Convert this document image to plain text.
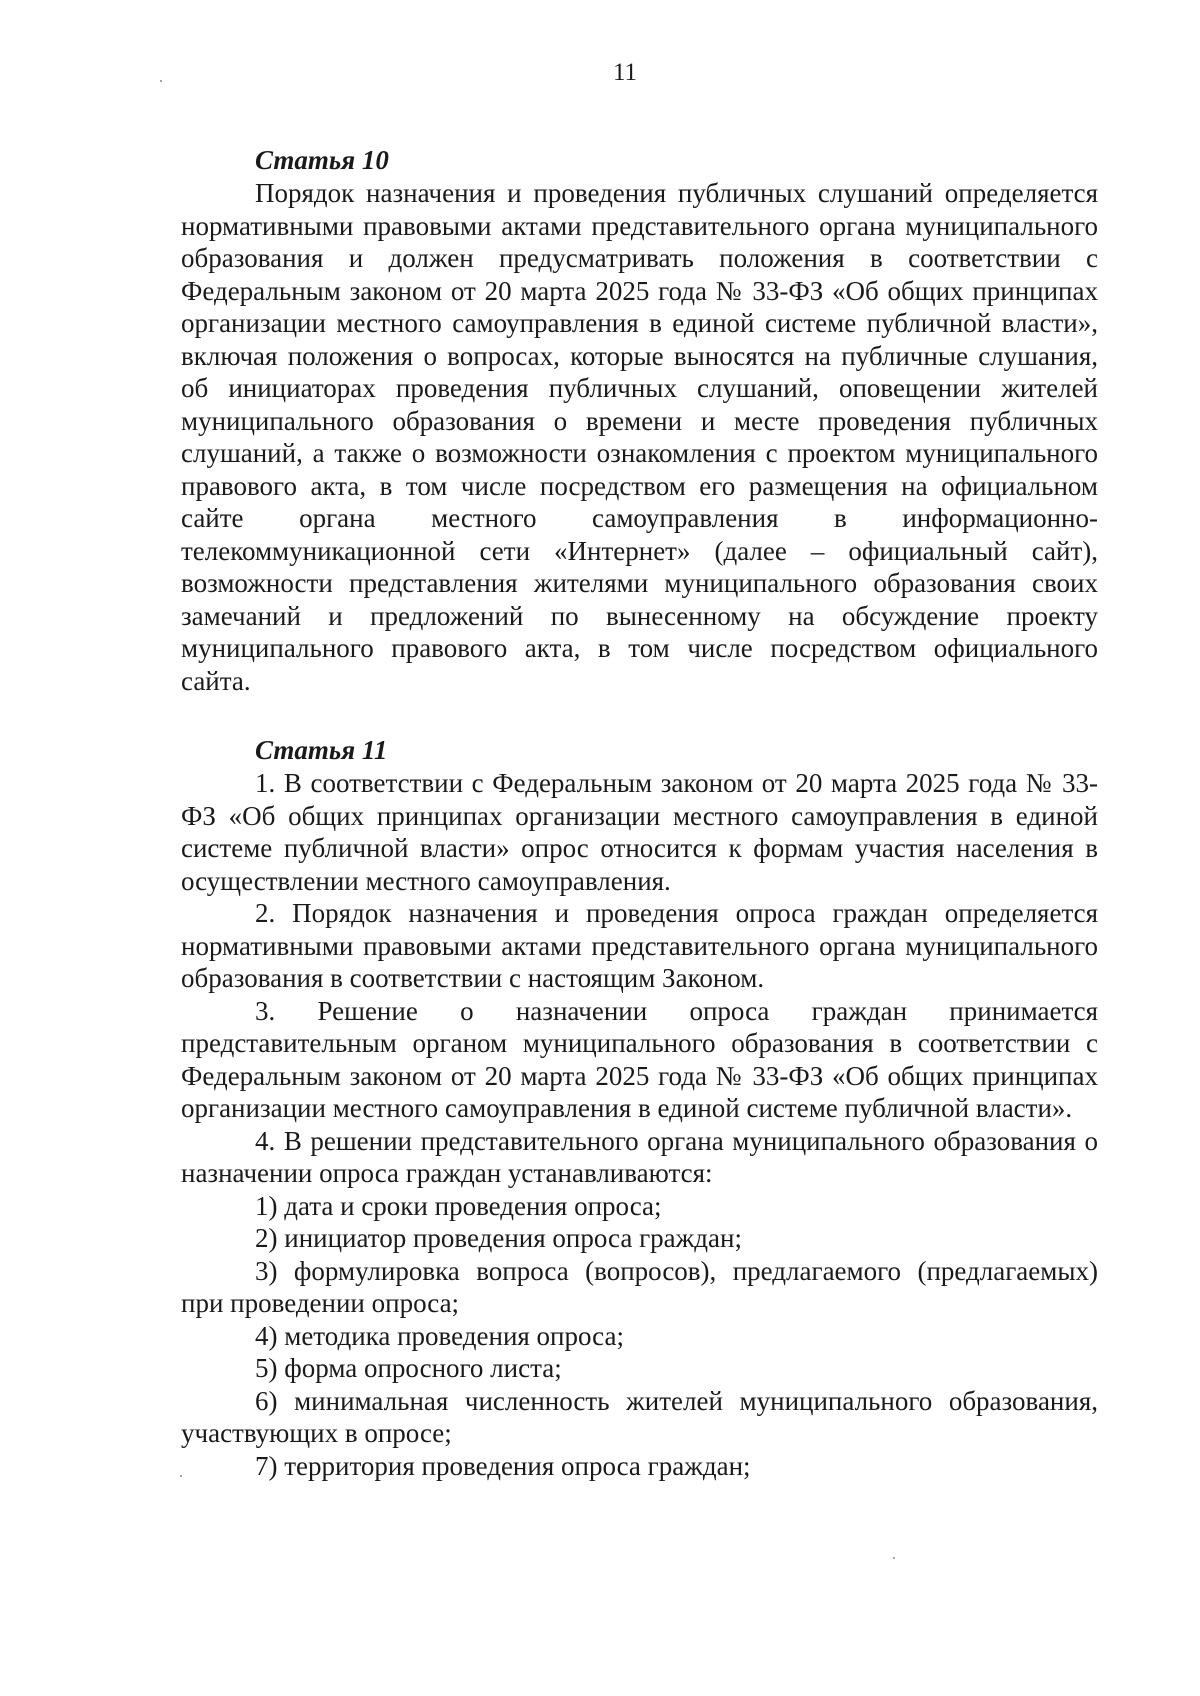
11
Статья 10

Порядок назначения и проведения публичных слушаний определяется нормативными правовыми актами представительного органа муниципального образования и должен предусматривать положения в соответствии с Федеральным законом от 20 марта 2025 года № 33-ФЗ «Об общих принципах организации местного самоуправления в единой системе публичной власти», включая положения о вопросах, которые выносятся на публичные слушания, об инициаторах проведения публичных слушаний, оповещении жителей муниципального образования о времени и месте проведения публичных слушаний, а также о возможности ознакомления с проектом муниципального правового акта, в том числе посредством его размещения на официальном сайте органа местного самоуправления в информационно-телекоммуникационной сети «Интернет» (далее – официальный сайт), возможности представления жителями муниципального образования своих замечаний и предложений по вынесенному на обсуждение проекту муниципального правового акта, в том числе посредством официального сайта.

Статья 11

1. В соответствии с Федеральным законом от 20 марта 2025 года № 33-ФЗ «Об общих принципах организации местного самоуправления в единой системе публичной власти» опрос относится к формам участия населения в осуществлении местного самоуправления.

2. Порядок назначения и проведения опроса граждан определяется нормативными правовыми актами представительного органа муниципального образования в соответствии с настоящим Законом.

3. Решение о назначении опроса граждан принимается представительным органом муниципального образования в соответствии с Федеральным законом от 20 марта 2025 года № 33-ФЗ «Об общих принципах организации местного самоуправления в единой системе публичной власти».

4. В решении представительного органа муниципального образования о назначении опроса граждан устанавливаются:

1) дата и сроки проведения опроса;

2) инициатор проведения опроса граждан;

3) формулировка вопроса (вопросов), предлагаемого (предлагаемых) при проведении опроса;

4) методика проведения опроса;

5) форма опросного листа;

6) минимальная численность жителей муниципального образования, участвующих в опросе;

7) территория проведения опроса граждан;
